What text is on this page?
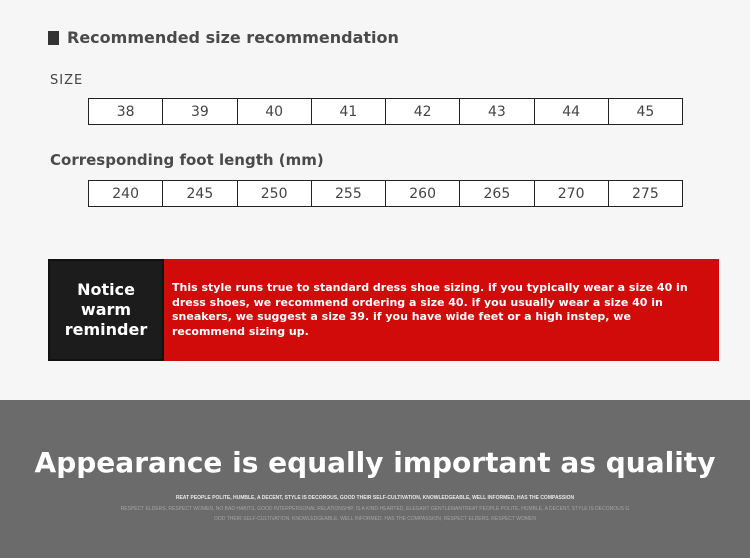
Recommended size recommendation
SIZE
38	39	40	41	42	43	44	45
Corresponding foot length (mm)
240	245	250	255	260	265	270	275
Notice
warm
reminder

This style runs true to standard dress shoe sizing. if you typically wear a size 40 in dress shoes, we recommend ordering a size 40. if you usually wear a size 40 in sneakers, we suggest a size 39. if you have wide feet or a high instep, we recommend sizing up.

Appearance is equally important as quality
REAT PEOPLE POLITE, HUMBLE, A DECENT, STYLE IS DECOROUS, GOOD THEIR SELF-CULTIVATION, KNOWLEDGEABLE, WELL INFORMED, HAS THE COMPASSION
RESPECT ELDERS, RESPECT WOMEN, NO BAD HABITS, GOOD INTERPERSONAL RELATIONSHIP, IS A KIND-HEARTED, ELEGANT GENTLEMANTREAT PEOPLE POLITE, HUMBLE, A DECENT, STYLE IS DECOROUS G
OOD THEIR SELF-CULTIVATION, KNOWLEDGEABLE, WELL INFORMED, HAS THE COMPASSION, RESPECT ELDERS, RESPECT WOMEN
